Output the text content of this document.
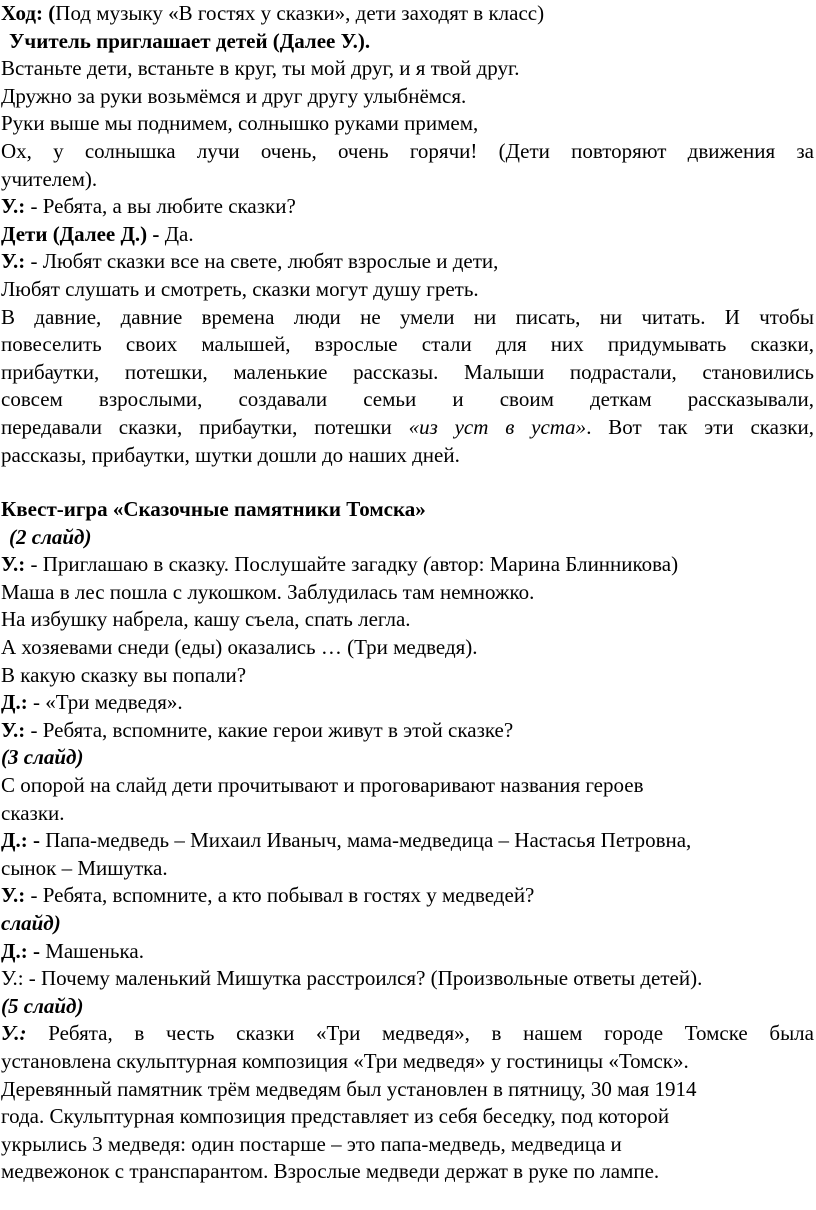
Ход: (Под музыку «В гостях у сказки», дети заходят в класс)

Учитель приглашает детей (Далее У.).

Встаньте дети, встаньте в круг, ты мой друг, и я твой друг.

Дружно за руки возьмёмся и друг другу улыбнёмся.

Руки выше мы поднимем, солнышко руками примем,

Ох, у солнышка лучи очень, очень горячи! (Дети повторяют движения за

учителем).

У.: - Ребята, а вы любите сказки?

Дети (Далее Д.) - Да.

У.: - Любят сказки все на свете, любят взрослые и дети,

Любят слушать и смотреть, сказки могут душу греть.

В давние, давние времена люди не умели ни писать, ни читать. И чтобы

повеселить своих малышей, взрослые стали для них придумывать сказки,

прибаутки, потешки, маленькие рассказы. Малыши подрастали, становились

совсем взрослыми, создавали семьи и своим деткам рассказывали,

передавали сказки, прибаутки, потешки «из уст в уста». Вот так эти сказки,

рассказы, прибаутки, шутки дошли до наших дней.

Квест-игра «Сказочные памятники Томска»

(2 слайд)

У.: - Приглашаю в сказку. Послушайте загадку (автор: Марина Блинникова)

Маша в лес пошла с лукошком. Заблудилась там немножко.

На избушку набрела, кашу съела, спать легла.

А хозяевами снеди (еды) оказались … (Три медведя).

В какую сказку вы попали?

Д.: - «Три медведя».

У.: - Ребята, вспомните, какие герои живут в этой сказке?

(3 слайд)

С опорой на слайд дети прочитывают и проговаривают названия героев

сказки.

Д.: - Папа-медведь – Михаил Иваныч, мама-медведица – Настасья Петровна,

сынок – Мишутка.

У.: - Ребята, вспомните, а кто побывал в гостях у медведей?

слайд)

Д.: - Машенька.

У.: - Почему маленький Мишутка расстроился? (Произвольные ответы детей).

(5 слайд)

У.: Ребята, в честь сказки «Три медведя», в нашем городе Томске была

установлена скульптурная композиция «Три медведя» у гостиницы «Томск».

Деревянный памятник трём медведям был установлен в пятницу, 30 мая 1914

года. Скульптурная композиция представляет из себя беседку, под которой

укрылись 3 медведя: один постарше – это папа-медведь, медведица и

медвежонок с транспарантом. Взрослые медведи держат в руке по лампе.
